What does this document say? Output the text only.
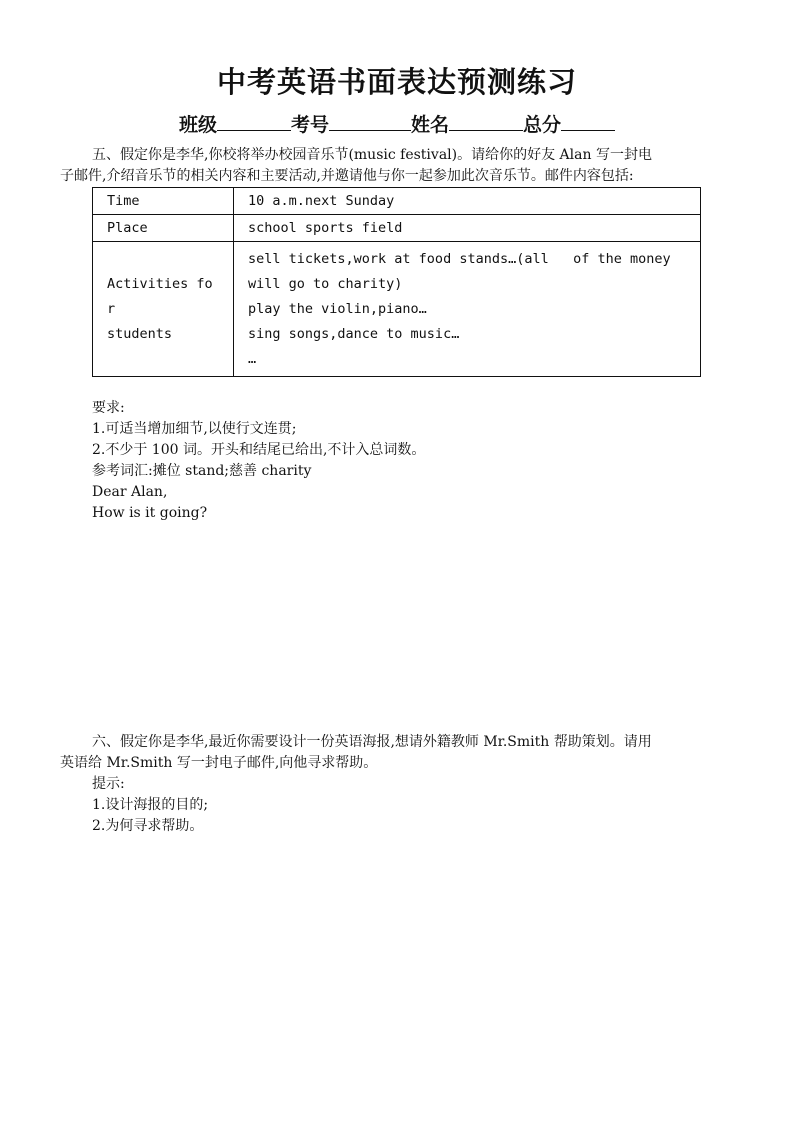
中考英语书面表达预测练习
班级	考号	姓名	总分
五、假定你是李华,你校将举办校园音乐节(music festival)。请给你的好友 Alan 写一封电
子邮件,介绍音乐节的相关内容和主要活动,并邀请他与你一起参加此次音乐节。邮件内容包括:
Time	10 a.m.next Sunday
Place	school sports field

Activities fo
r
students	sell tickets,work at food stands…(all   of the money
will go to charity)
play the violin,piano…
sing songs,dance to music…
…
要求:
1.可适当增加细节,以使行文连贯;
2.不少于 100 词。开头和结尾已给出,不计入总词数。
参考词汇:摊位 stand;慈善 charity
Dear Alan,
How is it going?
六、假定你是李华,最近你需要设计一份英语海报,想请外籍教师 Mr.Smith 帮助策划。请用
英语给 Mr.Smith 写一封电子邮件,向他寻求帮助。
提示:
1.设计海报的目的;
2.为何寻求帮助。
